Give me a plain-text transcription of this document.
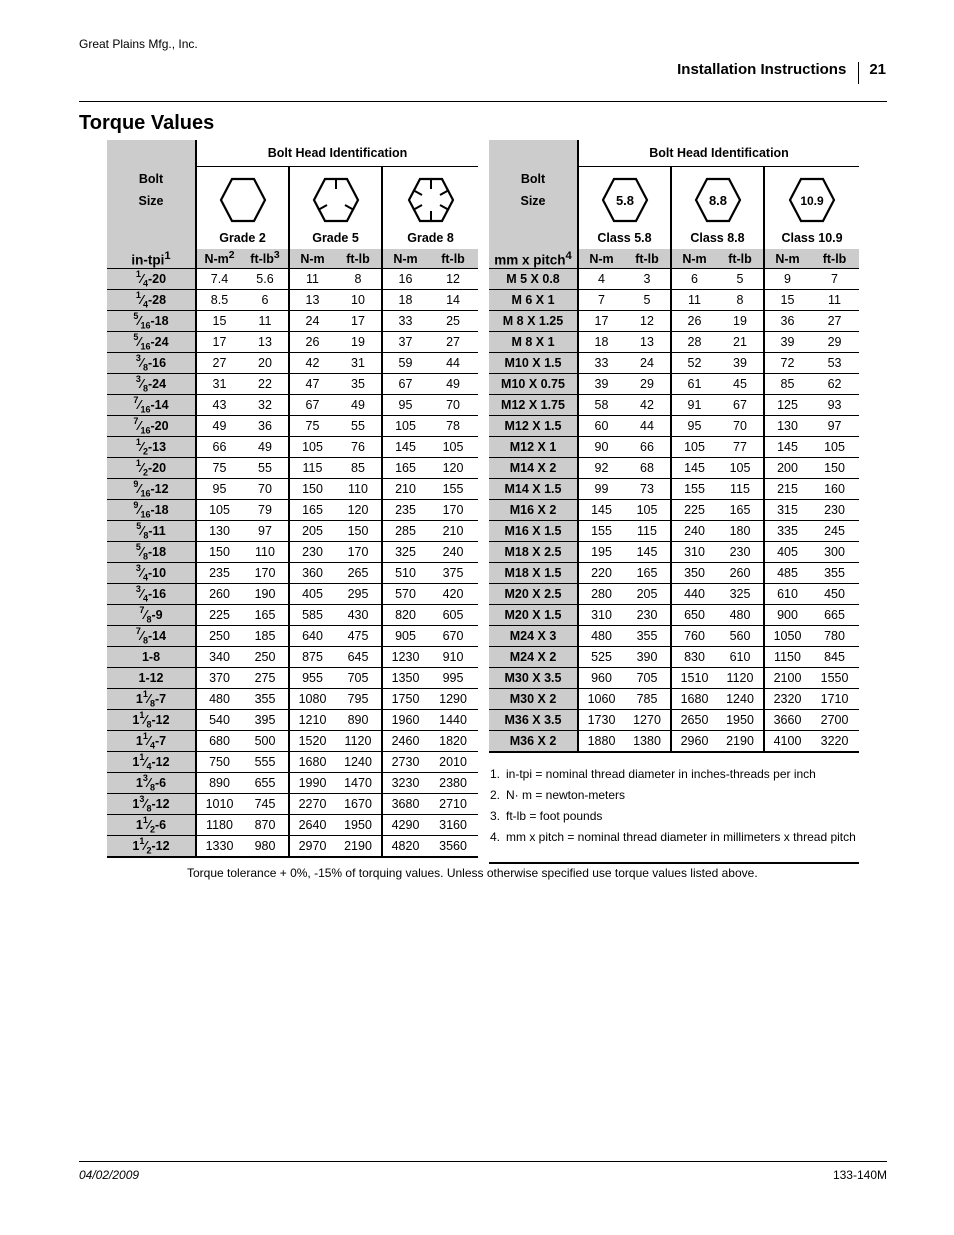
Great Plains Mfg., Inc.
Installation Instructions 21
Torque Values
Bolt
Size	Bolt Head Identification					

	Grade 2		Grade 5		Grade 8	
in-tpi$^1$	$N-m^2$	$ft-lb^3$	N-m	ft-lb	N-m	ft-lb
$^1⁄_4-20$	7.4	5.6	11	8	16	12
$^1⁄_4-28$	8.5	6	13	10	18	14
$^5⁄_{16}-18$	15	11	24	17	33	25
$^5⁄_{16}-24$	17	13	26	19	37	27
$^3⁄_8-16$	27	20	42	31	59	44
$^3⁄_8-24$	31	22	47	35	67	49
$^7⁄_{16}-14$	43	32	67	49	95	70
$^7⁄_{16}-20$	49	36	75	55	105	78
$^1⁄_2-13$	66	49	105	76	145	105
$^1⁄_2-20$	75	55	115	85	165	120
$^9⁄_{16}-12$	95	70	150	110	210	155
$^9⁄_{16}-18$	105	79	165	120	235	170
$^5⁄_8-11$	130	97	205	150	285	210
$^5⁄_8-18$	150	110	230	170	325	240
$^3⁄_4-10$	235	170	360	265	510	375
$^3⁄_4-16$	260	190	405	295	570	420
$^7⁄_8-9$	225	165	585	430	820	605
$^7⁄_8-14$	250	185	640	475	905	670
1-8	340	250	875	645	1230	910
1-12	370	275	955	705	1350	995
$1^1⁄_8-7$	480	355	1080	795	1750	1290
$1^1⁄_8-12$	540	395	1210	890	1960	1440
$1^1⁄_4-7$	680	500	1520	1120	2460	1820
$1^1⁄_4-12$	750	555	1680	1240	2730	2010
$1^3⁄_8-6$	890	655	1990	1470	3230	2380
$1^3⁄_8-12$	1010	745	2270	1670	3680	2710
$1^1⁄_2-6$	1180	870	2640	1950	4290	3160
$1^1⁄_2-12$	1330	980	2970	2190	4820	3560
Bolt
Size	Bolt Head Identification					

5.8		8.8		10.9	

	Class 5.8		Class 8.8		Class 10.9	
mm x pitch$^4$	N-m	ft-lb	N-m	ft-lb	N-m	ft-lb
M 5 X 0.8	4	3	6	5	9	7
M 6 X 1	7	5	11	8	15	11
M 8 X 1.25	17	12	26	19	36	27
M 8 X 1	18	13	28	21	39	29
M10 X 1.5	33	24	52	39	72	53
M10 X 0.75	39	29	61	45	85	62
M12 X 1.75	58	42	91	67	125	93
M12 X 1.5	60	44	95	70	130	97
M12 X 1	90	66	105	77	145	105
M14 X 2	92	68	145	105	200	150
M14 X 1.5	99	73	155	115	215	160
M16 X 2	145	105	225	165	315	230
M16 X 1.5	155	115	240	180	335	245
M18 X 2.5	195	145	310	230	405	300
M18 X 1.5	220	165	350	260	485	355
M20 X 2.5	280	205	440	325	610	450
M20 X 1.5	310	230	650	480	900	665
M24 X 3	480	355	760	560	1050	780
M24 X 2	525	390	830	610	1150	845
M30 X 3.5	960	705	1510	1120	2100	1550
M30 X 2	1060	785	1680	1240	2320	1710
M36 X 3.5	1730	1270	2650	1950	3660	2700
M36 X 2	1880	1380	2960	2190	4100	3220
1. in-tpi = nominal thread diameter in inches-threads per inch
2. N· m = newton-meters
3. ft-lb = foot pounds
4. mm x pitch = nominal thread diameter in millimeters x thread pitch
Torque tolerance + 0%, -15% of torquing values. Unless otherwise specified use torque values listed above.
04/02/2009	133-140M
